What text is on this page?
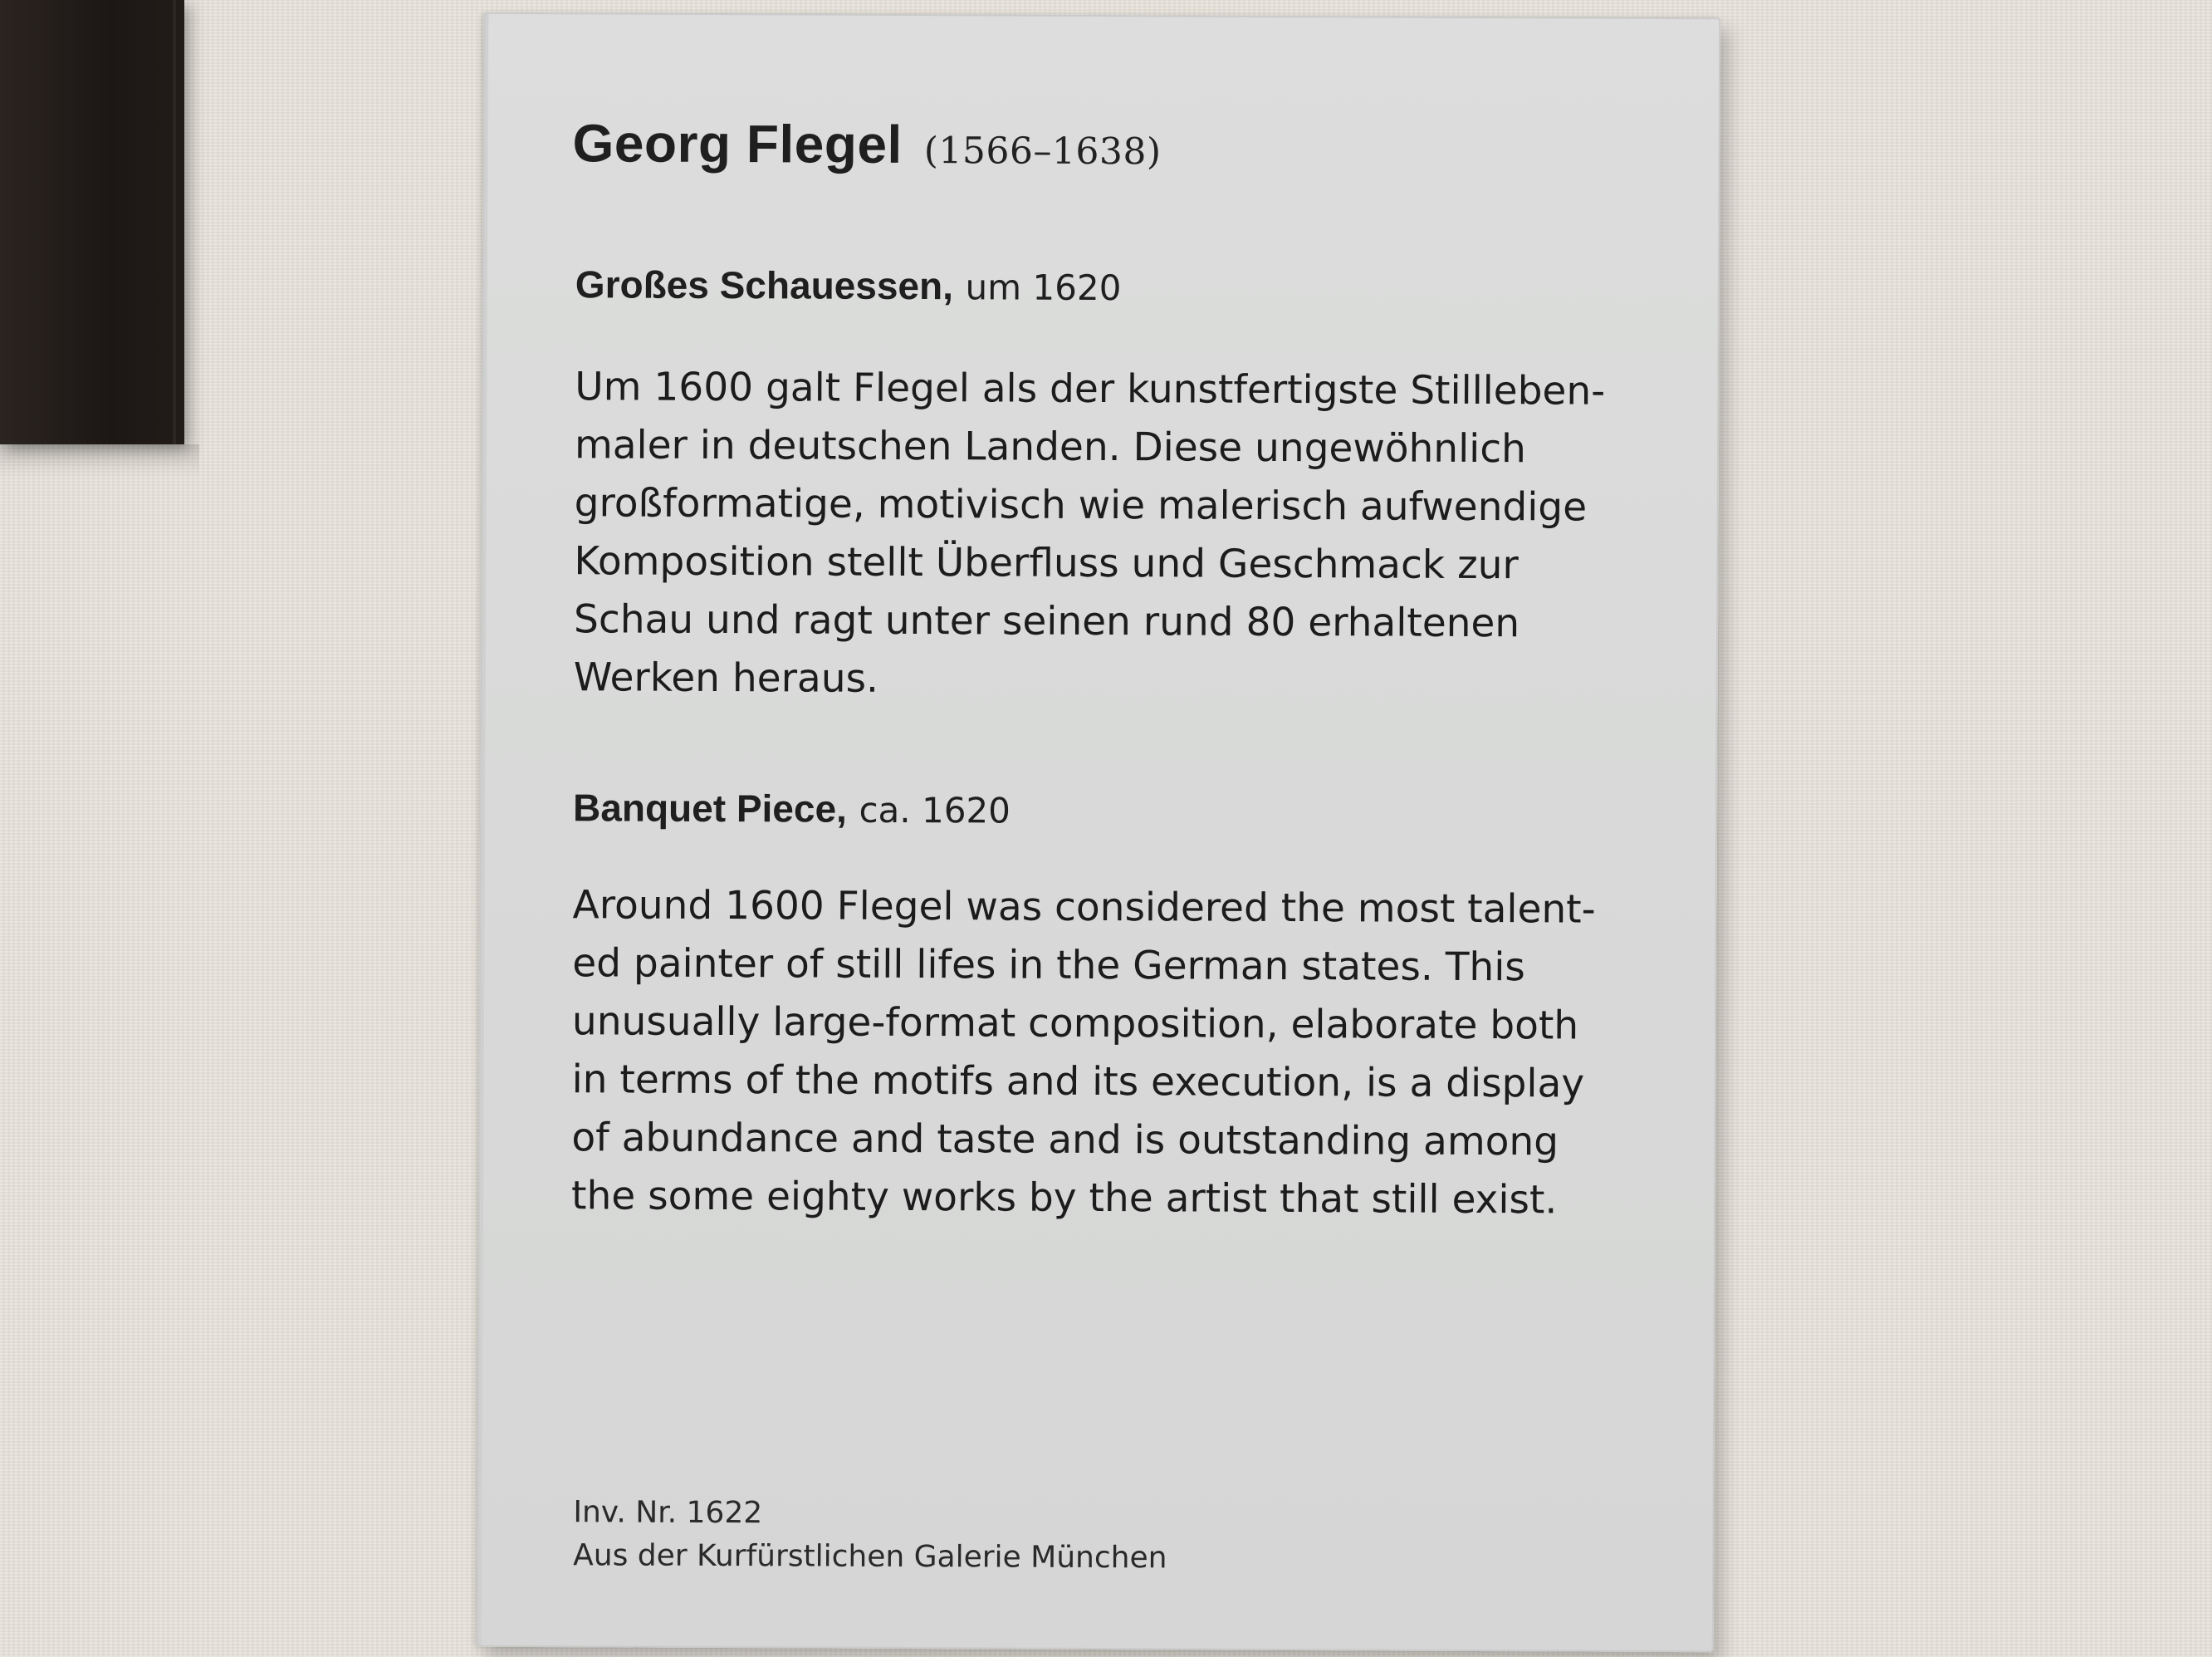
Georg Flegel (1566–1638)

Großes Schauessen, um 1620

Um 1600 galt Flegel als der kunstfertigste Stillleben-
maler in deutschen Landen. Diese ungewöhnlich
großformatige, motivisch wie malerisch aufwendige
Komposition stellt Überfluss und Geschmack zur
Schau und ragt unter seinen rund 80 erhaltenen
Werken heraus.

Banquet Piece, ca. 1620

Around 1600 Flegel was considered the most talent-
ed painter of still lifes in the German states. This
unusually large-format composition, elaborate both
in terms of the motifs and its execution, is a display
of abundance and taste and is outstanding among
the some eighty works by the artist that still exist.

Inv. Nr. 1622
Aus der Kurfürstlichen Galerie München
